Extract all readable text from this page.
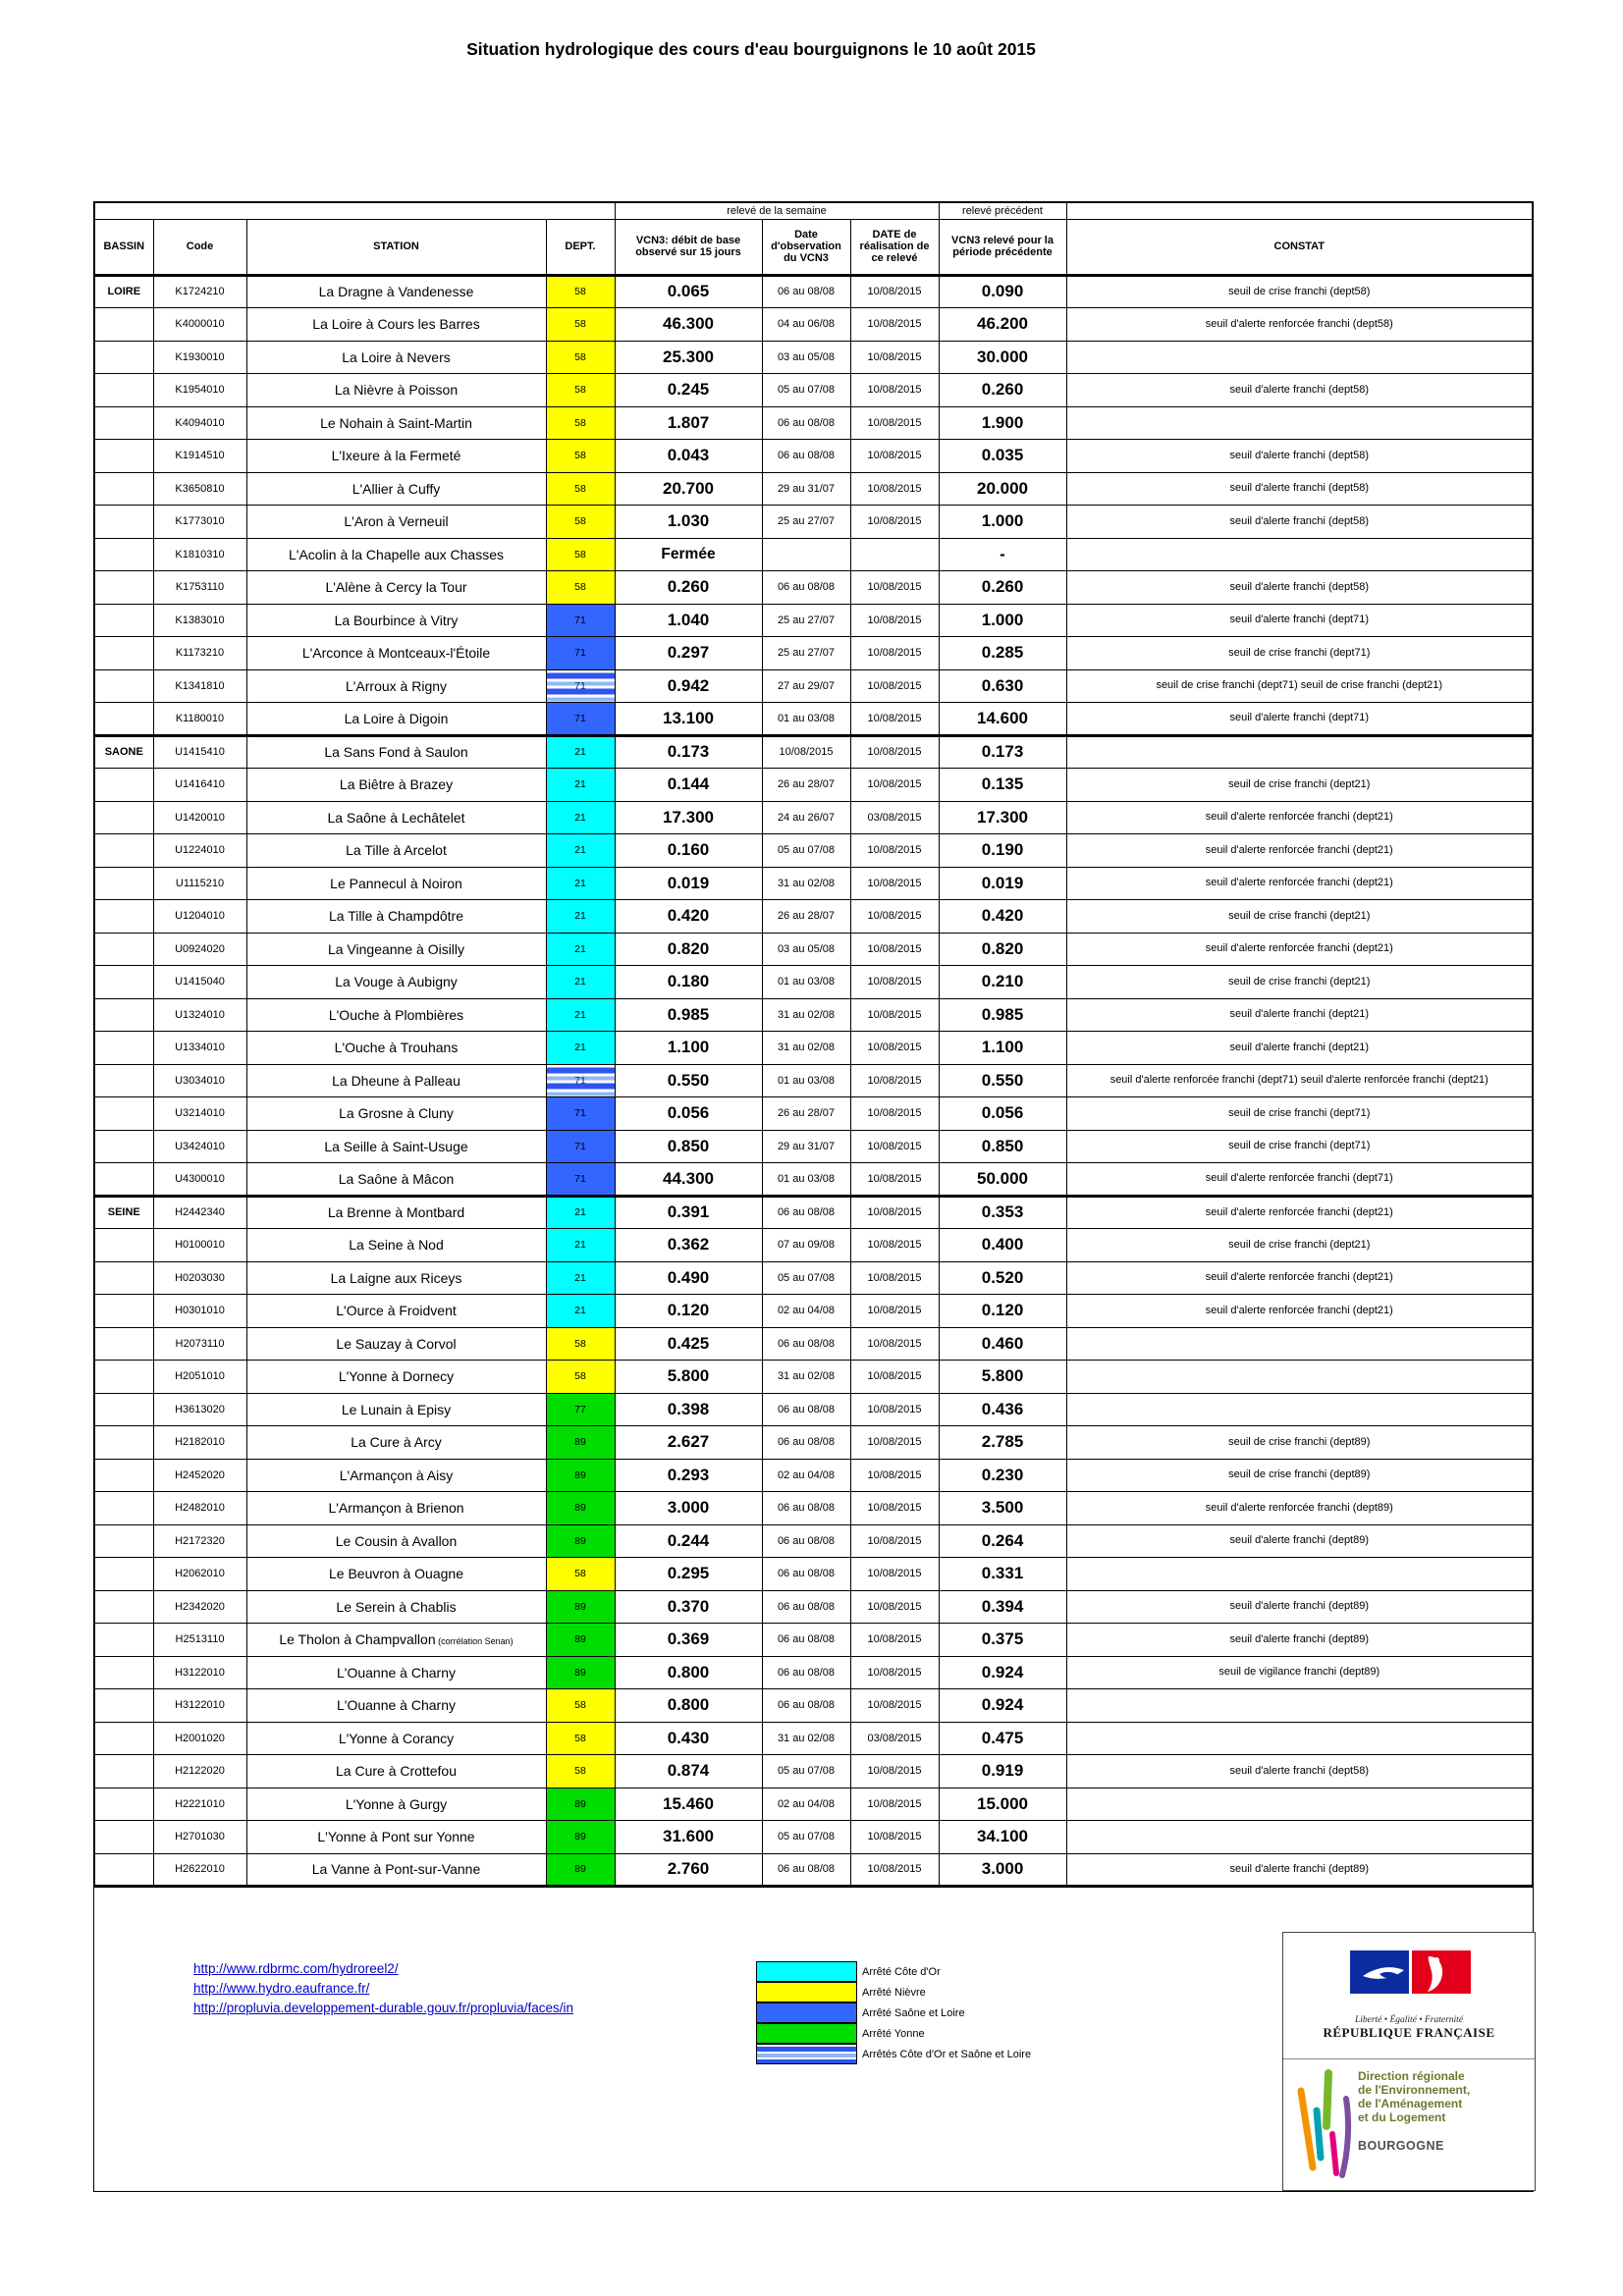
Situation hydrologique des cours d'eau bourguignons le 10 août 2015
				relevé de la semaine			relevé précédent	
BASSIN	Code	STATION	DEPT.	VCN3: débit de base observé sur 15 jours	Date d'observation du VCN3	DATE de réalisation de ce relevé	VCN3 relevé pour la période précédente	CONSTAT
LOIRE	K1724210	La Dragne à Vandenesse	58	0.065	06 au 08/08	10/08/2015	0.090	seuil de crise franchi (dept58)
	K4000010	La Loire à Cours les Barres	58	46.300	04 au 06/08	10/08/2015	46.200	seuil d'alerte renforcée franchi (dept58)
	K1930010	La Loire à Nevers	58	25.300	03 au 05/08	10/08/2015	30.000	
	K1954010	La Nièvre à Poisson	58	0.245	05 au 07/08	10/08/2015	0.260	seuil d'alerte franchi (dept58)
	K4094010	Le Nohain à Saint-Martin	58	1.807	06 au 08/08	10/08/2015	1.900	
	K1914510	L'Ixeure à la Fermeté	58	0.043	06 au 08/08	10/08/2015	0.035	seuil d'alerte franchi (dept58)
	K3650810	L'Allier à Cuffy	58	20.700	29 au 31/07	10/08/2015	20.000	seuil d'alerte franchi (dept58)
	K1773010	L'Aron à Verneuil	58	1.030	25 au 27/07	10/08/2015	1.000	seuil d'alerte franchi (dept58)
	K1810310	L'Acolin à la Chapelle aux Chasses	58	Fermée			-	
	K1753110	L'Alène à Cercy la Tour	58	0.260	06 au 08/08	10/08/2015	0.260	seuil d'alerte franchi (dept58)
	K1383010	La Bourbince à Vitry	71	1.040	25 au 27/07	10/08/2015	1.000	seuil d'alerte franchi (dept71)
	K1173210	L'Arconce à Montceaux-l'Étoile	71	0.297	25 au 27/07	10/08/2015	0.285	seuil de crise franchi (dept71)
	K1341810	L'Arroux à Rigny	71	0.942	27 au 29/07	10/08/2015	0.630	seuil de crise franchi (dept71) seuil de crise franchi (dept21)
	K1180010	La Loire à Digoin	71	13.100	01 au 03/08	10/08/2015	14.600	seuil d'alerte franchi (dept71)
SAONE	U1415410	La Sans Fond à Saulon	21	0.173	10/08/2015	10/08/2015	0.173	
	U1416410	La Biêtre à Brazey	21	0.144	26 au 28/07	10/08/2015	0.135	seuil de crise franchi (dept21)
	U1420010	La Saône à Lechâtelet	21	17.300	24 au 26/07	03/08/2015	17.300	seuil d'alerte renforcée franchi (dept21)
	U1224010	La Tille à Arcelot	21	0.160	05 au 07/08	10/08/2015	0.190	seuil d'alerte renforcée franchi (dept21)
	U1115210	Le Pannecul à Noiron	21	0.019	31 au 02/08	10/08/2015	0.019	seuil d'alerte renforcée franchi (dept21)
	U1204010	La Tille à Champdôtre	21	0.420	26 au 28/07	10/08/2015	0.420	seuil de crise franchi (dept21)
	U0924020	La Vingeanne à Oisilly	21	0.820	03 au 05/08	10/08/2015	0.820	seuil d'alerte renforcée franchi (dept21)
	U1415040	La Vouge à Aubigny	21	0.180	01 au 03/08	10/08/2015	0.210	seuil de crise franchi (dept21)
	U1324010	L'Ouche à Plombières	21	0.985	31 au 02/08	10/08/2015	0.985	seuil d'alerte franchi (dept21)
	U1334010	L'Ouche à Trouhans	21	1.100	31 au 02/08	10/08/2015	1.100	seuil d'alerte franchi (dept21)
	U3034010	La Dheune à Palleau	71	0.550	01 au 03/08	10/08/2015	0.550	seuil d'alerte renforcée franchi (dept71) seuil d'alerte renforcée franchi (dept21)
	U3214010	La Grosne à Cluny	71	0.056	26 au 28/07	10/08/2015	0.056	seuil de crise franchi (dept71)
	U3424010	La Seille à Saint-Usuge	71	0.850	29 au 31/07	10/08/2015	0.850	seuil de crise franchi (dept71)
	U4300010	La Saône à Mâcon	71	44.300	01 au 03/08	10/08/2015	50.000	seuil d'alerte renforcée franchi (dept71)
SEINE	H2442340	La Brenne à Montbard	21	0.391	06 au 08/08	10/08/2015	0.353	seuil d'alerte renforcée franchi (dept21)
	H0100010	La Seine à Nod	21	0.362	07 au 09/08	10/08/2015	0.400	seuil de crise franchi (dept21)
	H0203030	La Laigne aux Riceys	21	0.490	05 au 07/08	10/08/2015	0.520	seuil d'alerte renforcée franchi (dept21)
	H0301010	L'Ource à Froidvent	21	0.120	02 au 04/08	10/08/2015	0.120	seuil d'alerte renforcée franchi (dept21)
	H2073110	Le Sauzay à Corvol	58	0.425	06 au 08/08	10/08/2015	0.460	
	H2051010	L'Yonne à Dornecy	58	5.800	31 au 02/08	10/08/2015	5.800	
	H3613020	Le Lunain à Episy	77	0.398	06 au 08/08	10/08/2015	0.436	
	H2182010	La Cure à Arcy	89	2.627	06 au 08/08	10/08/2015	2.785	seuil de crise franchi (dept89)
	H2452020	L'Armançon à Aisy	89	0.293	02 au 04/08	10/08/2015	0.230	seuil de crise franchi (dept89)
	H2482010	L'Armançon à Brienon	89	3.000	06 au 08/08	10/08/2015	3.500	seuil d'alerte renforcée franchi (dept89)
	H2172320	Le Cousin à Avallon	89	0.244	06 au 08/08	10/08/2015	0.264	seuil d'alerte franchi (dept89)
	H2062010	Le Beuvron à Ouagne	58	0.295	06 au 08/08	10/08/2015	0.331	
	H2342020	Le Serein à Chablis	89	0.370	06 au 08/08	10/08/2015	0.394	seuil d'alerte franchi (dept89)
	H2513110	Le Tholon à Champvallon (corrélation Senan)	89	0.369	06 au 08/08	10/08/2015	0.375	seuil d'alerte franchi (dept89)
	H3122010	L'Ouanne à Charny	89	0.800	06 au 08/08	10/08/2015	0.924	seuil de vigilance franchi (dept89)
	H3122010	L'Ouanne à Charny	58	0.800	06 au 08/08	10/08/2015	0.924	
	H2001020	L'Yonne à Corancy	58	0.430	31 au 02/08	03/08/2015	0.475	
	H2122020	La Cure à Crottefou	58	0.874	05 au 07/08	10/08/2015	0.919	seuil d'alerte franchi (dept58)
	H2221010	L'Yonne à Gurgy	89	15.460	02 au 04/08	10/08/2015	15.000	
	H2701030	L'Yonne à Pont sur Yonne	89	31.600	05 au 07/08	10/08/2015	34.100	
	H2622010	La Vanne à Pont-sur-Vanne	89	2.760	06 au 08/08	10/08/2015	3.000	seuil d'alerte franchi (dept89)
http://www.rdbrmc.com/hydroreel2/
http://www.hydro.eaufrance.fr/
http://propluvia.developpement-durable.gouv.fr/propluvia/faces/in
Arrêté Côte d'Or
Arrêté Nièvre
Arrêté Saône et Loire
Arrêté Yonne
Arrêtés Côte d'Or et Saône et Loire
Liberté • Égalité • Fraternité
RÉPUBLIQUE FRANÇAISE
Direction régionale
de l'Environnement,
de l'Aménagement
et du Logement
BOURGOGNE
